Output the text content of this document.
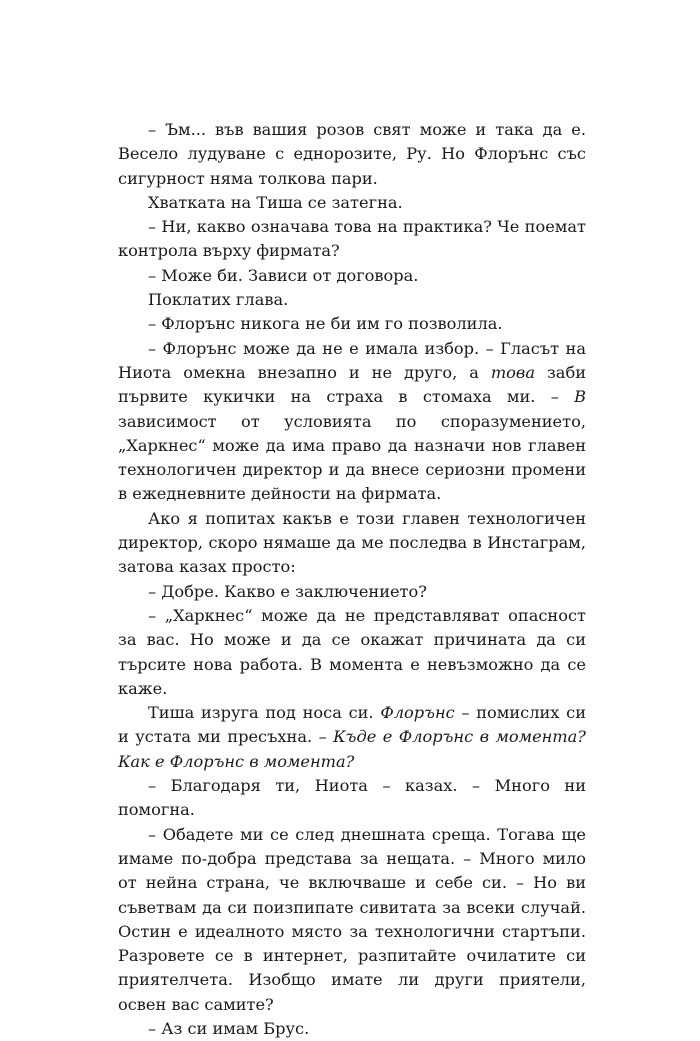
– Ъм... във вашия розов свят може и така да е. Весело лудуване с еднорозите, Ру. Но Флорънс със сигурност няма толкова пари.

Хватката на Тиша се затегна.

– Ни, какво означава това на практика? Че поемат контрола върху фирмата?

– Може би. Зависи от договора.

Поклатих глава.

– Флорънс никога не би им го позволила.

– Флорънс може да не е имала избор. – Гласът на Ниота омекна внезапно и не друго, а това заби първите кукички на страха в стомаха ми. – В зависимост от условията по споразумението, „Харкнес“ може да има право да назначи нов главен технологичен директор и да внесе сериозни промени в ежедневните дейности на фирмата.

Ако я попитах какъв е този главен технологичен директор, скоро нямаше да ме последва в Инстаграм, затова казах просто:

– Добре. Какво е заключението?

– „Харкнес“ може да не представляват опасност за вас. Но може и да се окажат причината да си търсите нова работа. В момента е невъзможно да се каже.

Тиша изруга под носа си. Флорънс – помислих си и устата ми пресъхна. – Къде е Флорънс в момента? Как е Флорънс в момента?

– Благодаря ти, Ниота – казах. – Много ни помогна.

– Обадете ми се след днешната среща. Тогава ще имаме по-добра представа за нещата. – Много мило от нейна страна, че включваше и себе си. – Но ви съветвам да си поизпипате сивитата за всеки случай. Остин е идеалното място за технологични стартъпи. Разровете се в интернет, разпитайте очилатите си приятелчета. Изобщо имате ли други приятели, освен вас самите?

– Аз си имам Брус.
